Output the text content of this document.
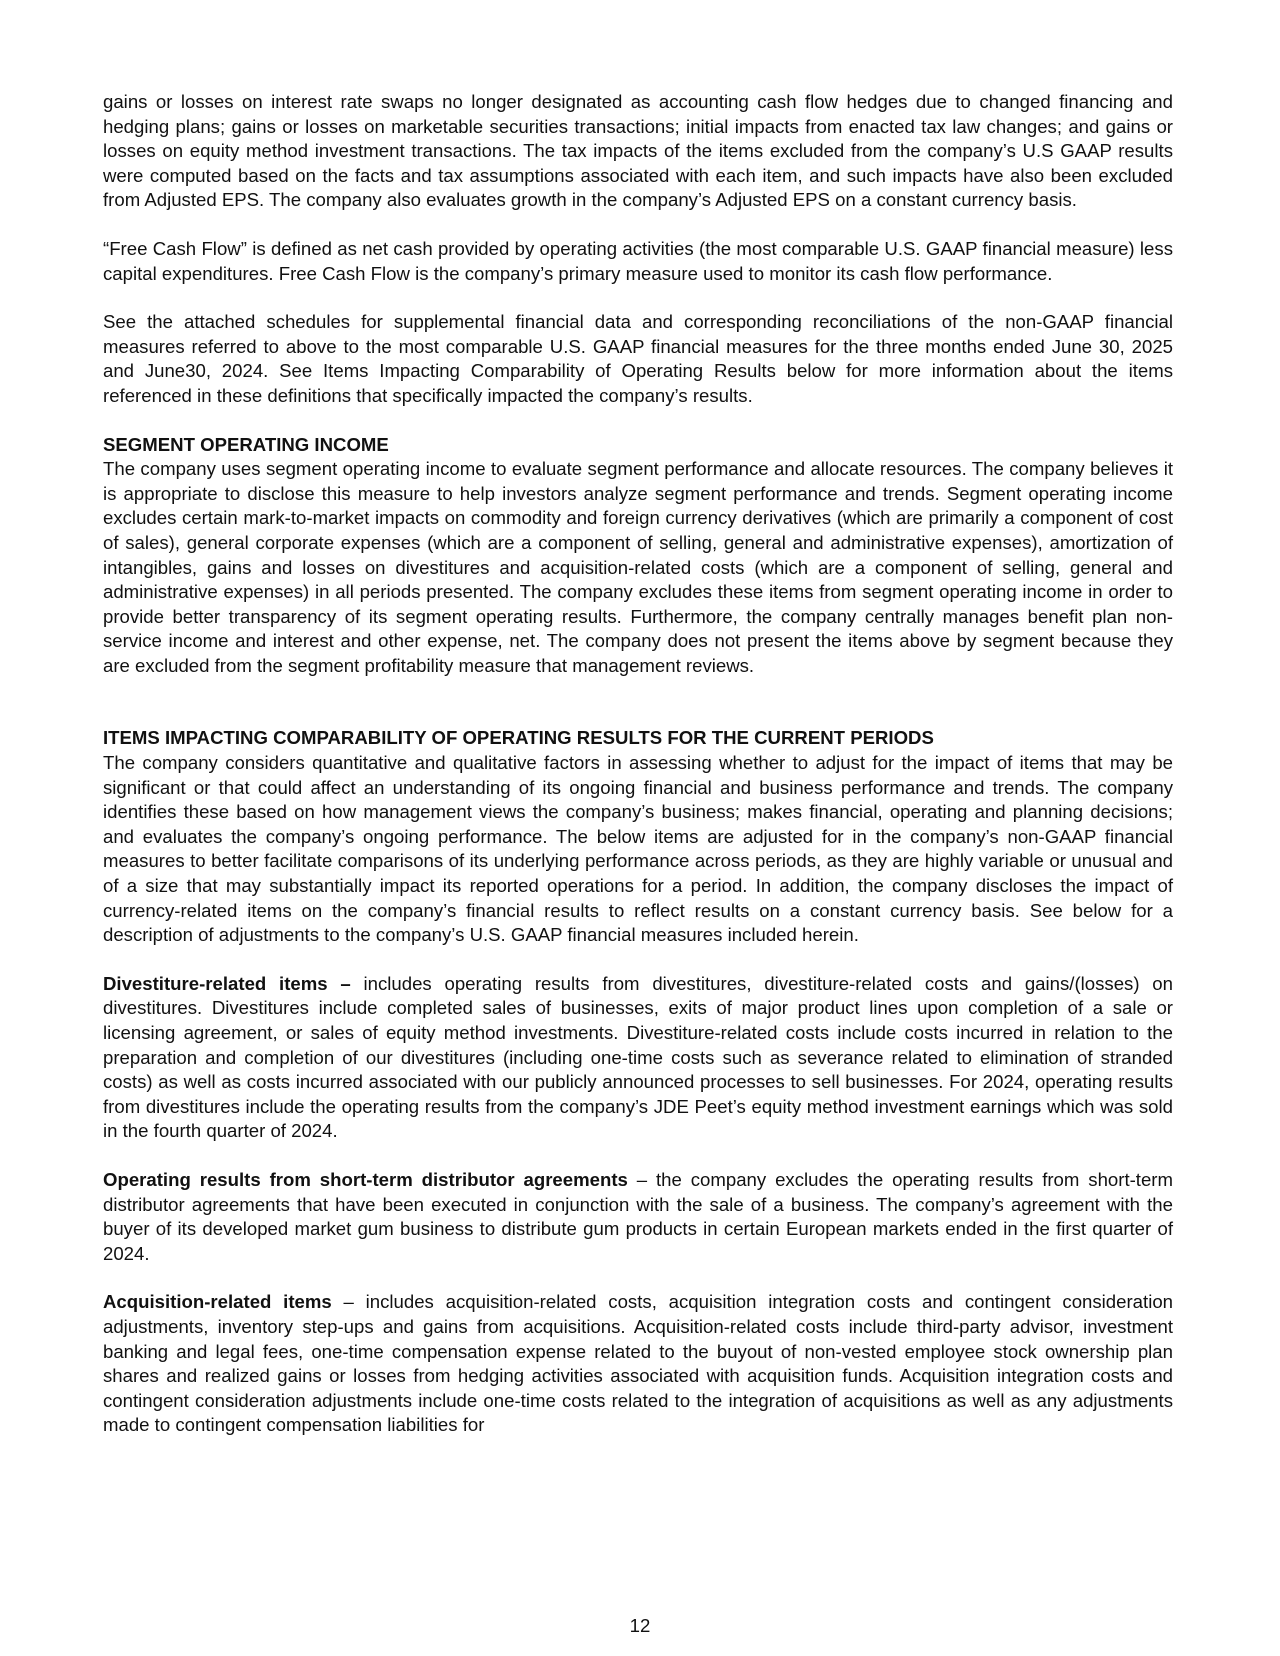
gains or losses on interest rate swaps no longer designated as accounting cash flow hedges due to changed financing and hedging plans; gains or losses on marketable securities transactions; initial impacts from enacted tax law changes; and gains or losses on equity method investment transactions. The tax impacts of the items excluded from the company’s U.S GAAP results were computed based on the facts and tax assumptions associated with each item, and such impacts have also been excluded from Adjusted EPS. The company also evaluates growth in the company’s Adjusted EPS on a constant currency basis.

“Free Cash Flow” is defined as net cash provided by operating activities (the most comparable U.S. GAAP financial measure) less capital expenditures. Free Cash Flow is the company’s primary measure used to monitor its cash flow performance.

See the attached schedules for supplemental financial data and corresponding reconciliations of the non-GAAP financial measures referred to above to the most comparable U.S. GAAP financial measures for the three months ended June 30, 2025 and June30, 2024. See Items Impacting Comparability of Operating Results below for more information about the items referenced in these definitions that specifically impacted the company’s results.

SEGMENT OPERATING INCOME

The company uses segment operating income to evaluate segment performance and allocate resources. The company believes it is appropriate to disclose this measure to help investors analyze segment performance and trends. Segment operating income excludes certain mark-to-market impacts on commodity and foreign currency derivatives (which are primarily a component of cost of sales), general corporate expenses (which are a component of selling, general and administrative expenses), amortization of intangibles, gains and losses on divestitures and acquisition-related costs (which are a component of selling, general and administrative expenses) in all periods presented. The company excludes these items from segment operating income in order to provide better transparency of its segment operating results. Furthermore, the company centrally manages benefit plan non-service income and interest and other expense, net. The company does not present the items above by segment because they are excluded from the segment profitability measure that management reviews.

ITEMS IMPACTING COMPARABILITY OF OPERATING RESULTS FOR THE CURRENT PERIODS

The company considers quantitative and qualitative factors in assessing whether to adjust for the impact of items that may be significant or that could affect an understanding of its ongoing financial and business performance and trends. The company identifies these based on how management views the company’s business; makes financial, operating and planning decisions; and evaluates the company’s ongoing performance. The below items are adjusted for in the company’s non-GAAP financial measures to better facilitate comparisons of its underlying performance across periods, as they are highly variable or unusual and of a size that may substantially impact its reported operations for a period. In addition, the company discloses the impact of currency-related items on the company’s financial results to reflect results on a constant currency basis. See below for a description of adjustments to the company’s U.S. GAAP financial measures included herein.

Divestiture-related items – includes operating results from divestitures, divestiture-related costs and gains/(losses) on divestitures. Divestitures include completed sales of businesses, exits of major product lines upon completion of a sale or licensing agreement, or sales of equity method investments. Divestiture-related costs include costs incurred in relation to the preparation and completion of our divestitures (including one-time costs such as severance related to elimination of stranded costs) as well as costs incurred associated with our publicly announced processes to sell businesses. For 2024, operating results from divestitures include the operating results from the company’s JDE Peet’s equity method investment earnings which was sold in the fourth quarter of 2024.

Operating results from short-term distributor agreements – the company excludes the operating results from short-term distributor agreements that have been executed in conjunction with the sale of a business. The company’s agreement with the buyer of its developed market gum business to distribute gum products in certain European markets ended in the first quarter of 2024.

Acquisition-related items – includes acquisition-related costs, acquisition integration costs and contingent consideration adjustments, inventory step-ups and gains from acquisitions. Acquisition-related costs include third-party advisor, investment banking and legal fees, one-time compensation expense related to the buyout of non-vested employee stock ownership plan shares and realized gains or losses from hedging activities associated with acquisition funds. Acquisition integration costs and contingent consideration adjustments include one-time costs related to the integration of acquisitions as well as any adjustments made to contingent compensation liabilities for

12
